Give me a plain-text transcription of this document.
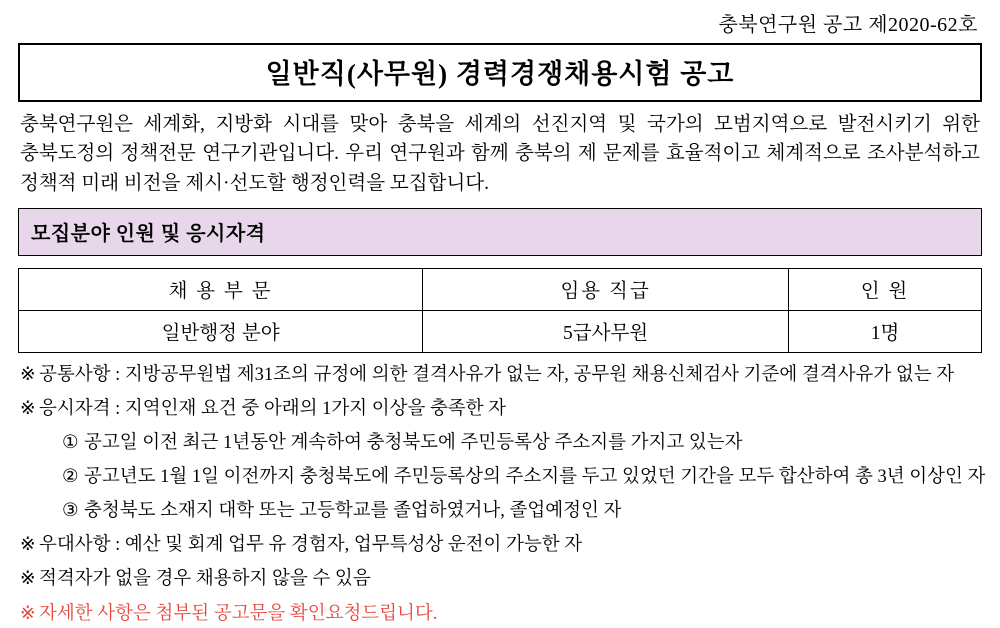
충북연구원 공고 제2020-62호
일반직(사무원) 경력경쟁채용시험 공고

충북연구원은 세계화, 지방화 시대를 맞아 충북을 세계의 선진지역 및 국가의 모범지역으로 발전시키기 위한 충북도정의 정책전문 연구기관입니다. 우리 연구원과 함께 충북의 제 문제를 효율적이고 체계적으로 조사분석하고 정책적 미래 비전을 제시·선도할 행정인력을 모집합니다.

모집분야 인원 및 응시자격
채 용 부 문	임용 직급	인 원
일반행정 분야	5급사무원	1명
※ 공통사항 : 지방공무원법 제31조의 규정에 의한 결격사유가 없는 자, 공무원 채용신체검사 기준에 결격사유가 없는 자
※ 응시자격 : 지역인재 요건 중 아래의 1가지 이상을 충족한 자
① 공고일 이전 최근 1년동안 계속하여 충청북도에 주민등록상 주소지를 가지고 있는자
② 공고년도 1월 1일 이전까지 충청북도에 주민등록상의 주소지를 두고 있었던 기간을 모두 합산하여 총 3년 이상인 자
③ 충청북도 소재지 대학 또는 고등학교를 졸업하였거나, 졸업예정인 자
※ 우대사항 : 예산 및 회계 업무 유 경험자, 업무특성상 운전이 가능한 자
※ 적격자가 없을 경우 채용하지 않을 수 있음
※ 자세한 사항은 첨부된 공고문을 확인요청드립니다.
